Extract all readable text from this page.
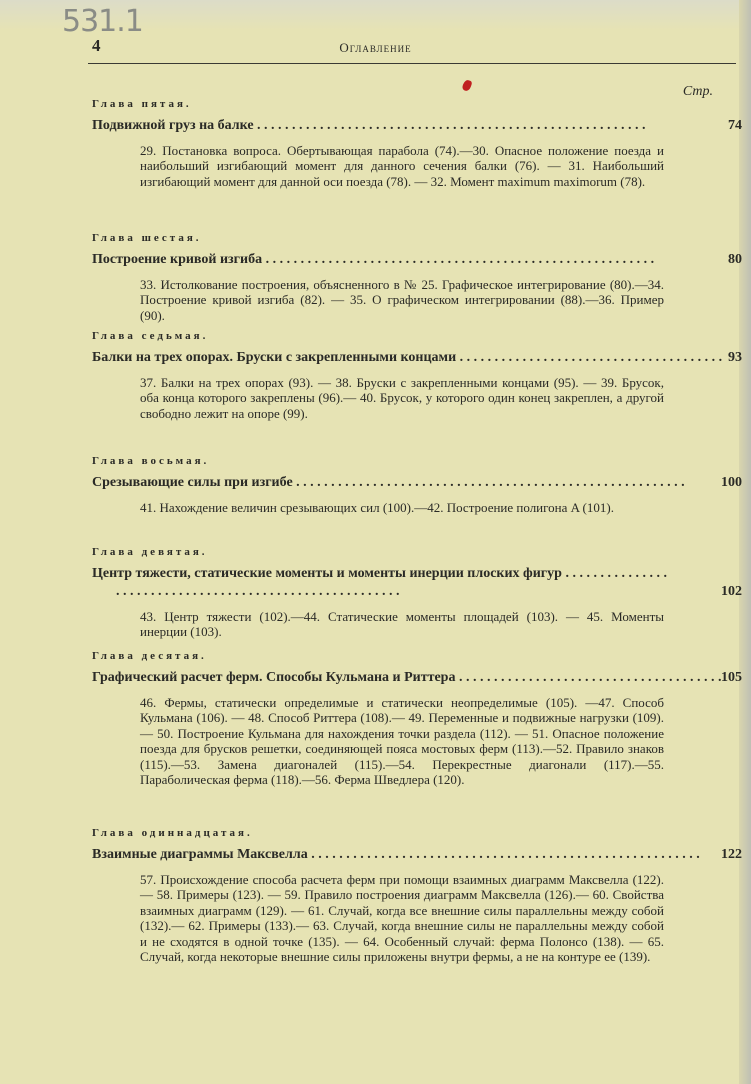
531.1
4	Оглавление
Стр.
Глава пятая.
Подвижной груз на балке . . .	74
29. Постановка вопроса. Обертывающая парабола (74).—30. Опасное положение поезда и наибольший изгибающий момент для данного сечения балки (76). — 31. Наибольший изгибающий момент для данной оси поезда (78). — 32. Момент maximum maximorum (78).
Глава шестая.
Построение кривой изгиба . . .	80
33. Истолкование построения, объясненного в № 25. Графическое интегрирование (80).—34. Построение кривой изгиба (82). — 35. О графическом интегрировании (88).—36. Пример (90).
Глава седьмая.
Балки на трех опорах. Бруски с закрепленными концами . . .	93
37. Балки на трех опорах (93). — 38. Бруски с закрепленными концами (95). — 39. Брусок, оба конца которого закреплены (96).— 40. Брусок, у которого один конец закреплен, а другой свободно лежит на опоре (99).
Глава восьмая.
Срезывающие силы при изгибе . . .	100
41. Нахождение величин срезывающих сил (100).—42. Построение полигона A (101).
Глава девятая.
Центр тяжести, статические моменты и моменты инерции плоских фигур . . .
102
43. Центр тяжести (102).—44. Статические моменты площадей (103). — 45. Моменты инерции (103).
Глава десятая.
Графический расчет ферм. Способы Кульмана и Риттера . . .	105
46. Фермы, статически определимые и статически неопределимые (105). —47. Способ Кульмана (106). — 48. Способ Риттера (108).— 49. Переменные и подвижные нагрузки (109). — 50. Построение Кульмана для нахождения точки раздела (112). — 51. Опасное положение поезда для брусков решетки, соединяющей пояса мостовых ферм (113).—52. Правило знаков (115).—53. Замена диагоналей (115).—54. Перекрестные диагонали (117).—55. Параболическая ферма (118).—56. Ферма Шведлера (120).
Глава одиннадцатая.
Взаимные диаграммы Максвелла . . .	122
57. Происхождение способа расчета ферм при помощи взаимных диаграмм Максвелла (122). — 58. Примеры (123). — 59. Правило построения диаграмм Максвелла (126).— 60. Свойства взаимных диаграмм (129). — 61. Случай, когда все внешние силы параллельны между собой (132).— 62. Примеры (133).— 63. Случай, когда внешние силы не параллельны между собой и не сходятся в одной точке (135). — 64. Особенный случай: ферма Полонсо (138). — 65. Случай, когда некоторые внешние силы приложены внутри фермы, а не на контуре ее (139).
